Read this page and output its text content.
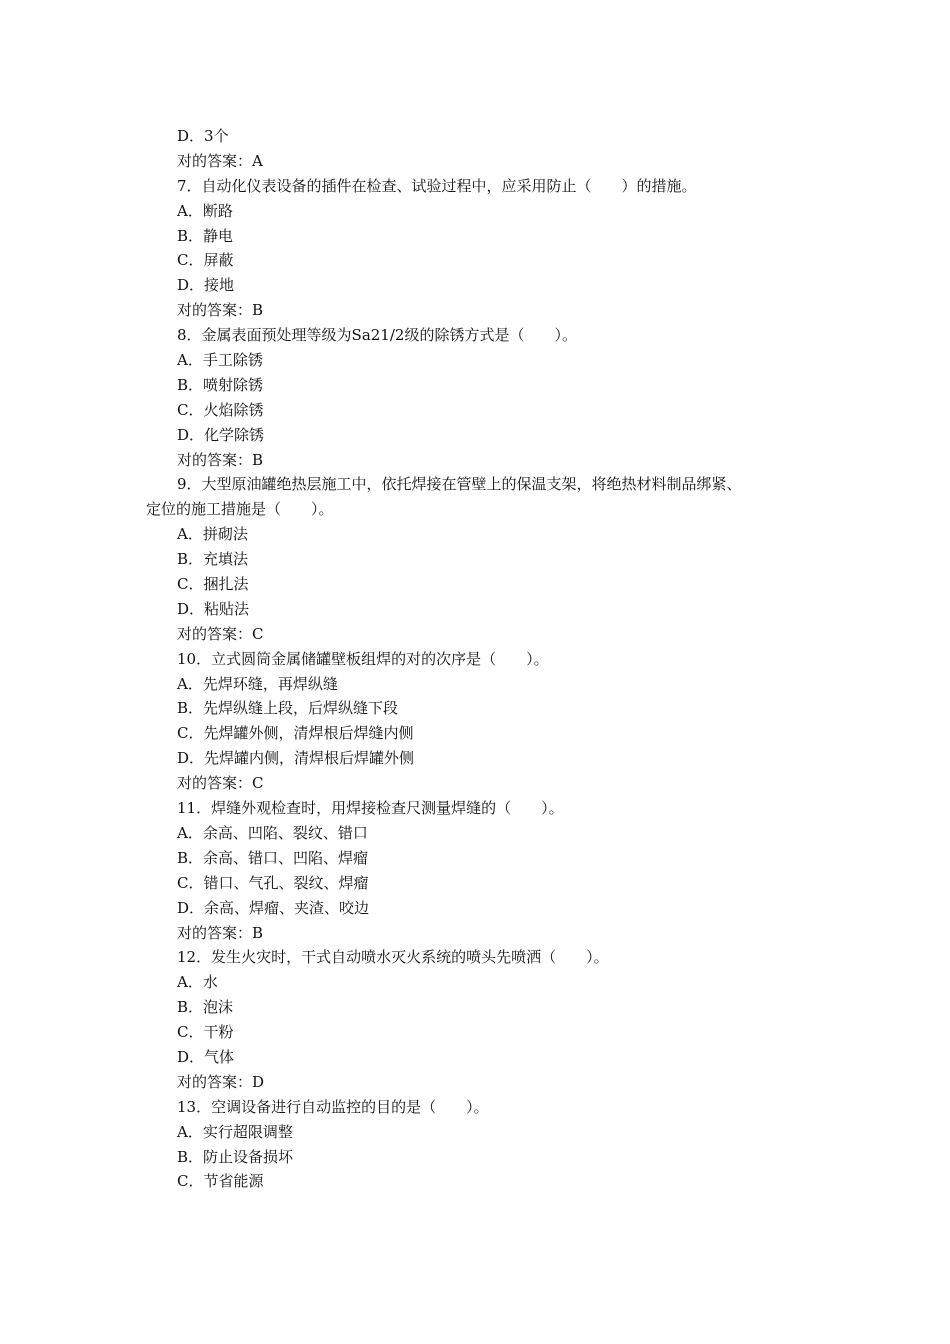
D．3个
对的答案：A
7．自动化仪表设备的插件在检查、试验过程中，应采用防止（　　）的措施。
A．断路
B．静电
C．屏蔽
D．接地
对的答案：B
8．金属表面预处理等级为Sa21/2级的除锈方式是（　　）。
A．手工除锈
B．喷射除锈
C．火焰除锈
D．化学除锈
对的答案：B
9．大型原油罐绝热层施工中，依托焊接在管壁上的保温支架，将绝热材料制品绑紧、
定位的施工措施是（　　）。
A．拼砌法
B．充填法
C．捆扎法
D．粘贴法
对的答案：C
10．立式圆筒金属储罐壁板组焊的对的次序是（　　）。
A．先焊环缝，再焊纵缝
B．先焊纵缝上段，后焊纵缝下段
C．先焊罐外侧，清焊根后焊缝内侧
D．先焊罐内侧，清焊根后焊罐外侧
对的答案：C
11．焊缝外观检查时，用焊接检查尺测量焊缝的（　　）。
A．余高、凹陷、裂纹、错口
B．余高、错口、凹陷、焊瘤
C．错口、气孔、裂纹、焊瘤
D．余高、焊瘤、夹渣、咬边
对的答案：B
12．发生火灾时，干式自动喷水灭火系统的喷头先喷洒（　　）。
A．水
B．泡沫
C．干粉
D．气体
对的答案：D
13．空调设备进行自动监控的目的是（　　）。
A．实行超限调整
B．防止设备损坏
C．节省能源
